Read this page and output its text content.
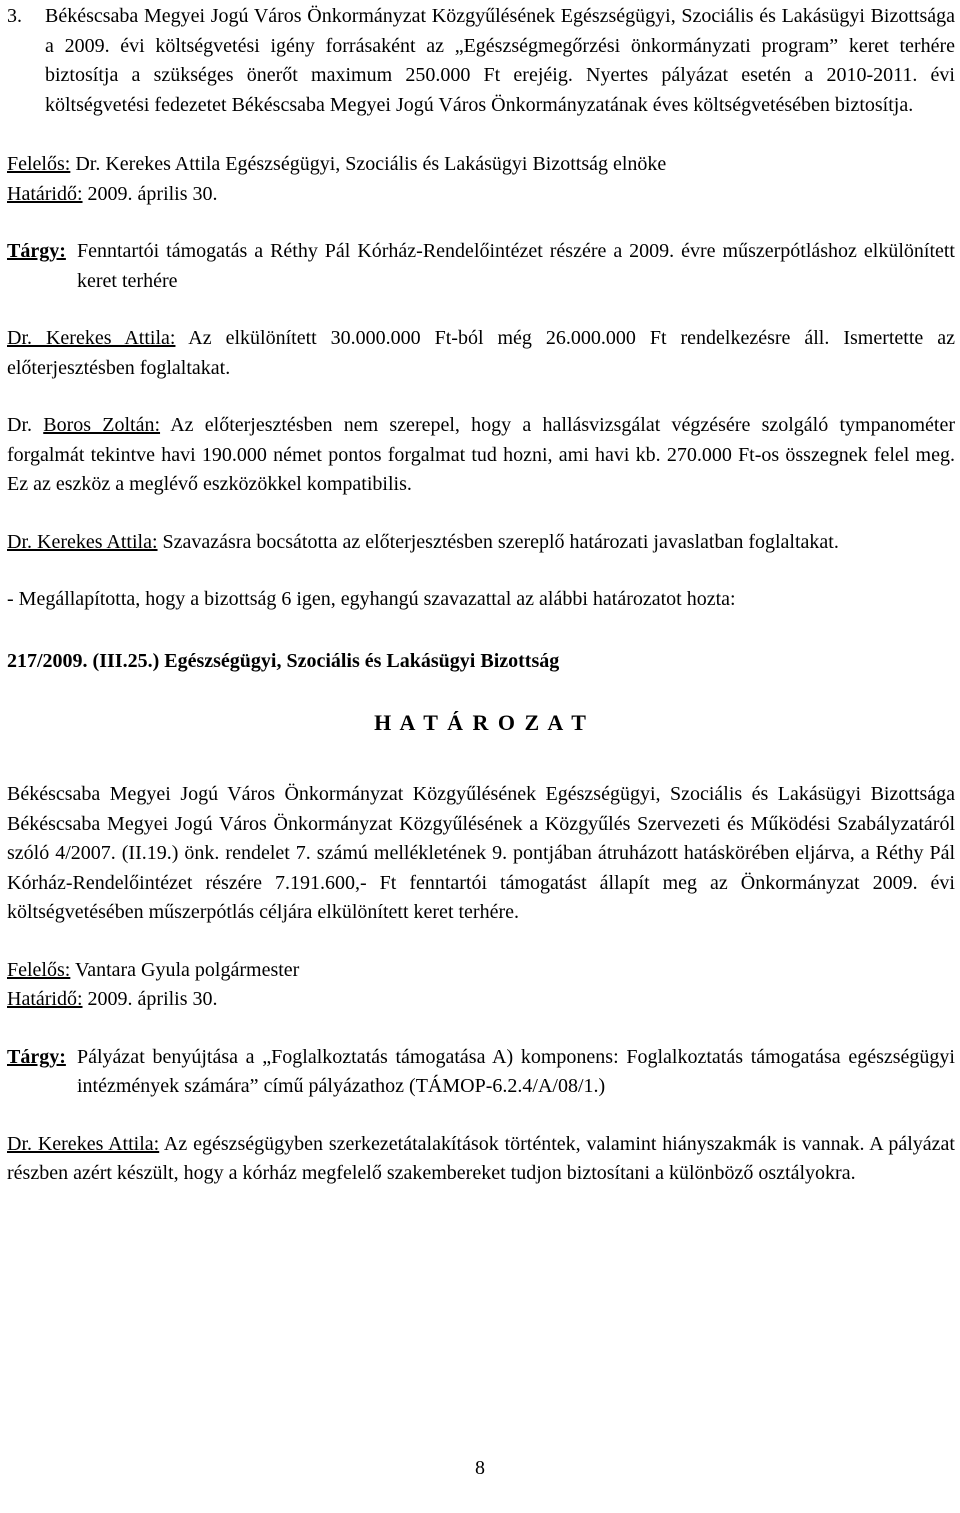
3.	Békéscsaba Megyei Jogú Város Önkormányzat Közgyűlésének Egészségügyi, Szociális és Lakásügyi Bizottsága a 2009. évi költségvetési igény forrásaként az „Egészségmegőrzési önkormányzati program” keret terhére biztosítja a szükséges önerőt maximum 250.000 Ft erejéig. Nyertes pályázat esetén a 2010-2011. évi költségvetési fedezetet Békéscsaba Megyei Jogú Város Önkormányzatának éves költségvetésében biztosítja.

Felelős: Dr. Kerekes Attila Egészségügyi, Szociális és Lakásügyi Bizottság elnöke

Határidő: 2009. április 30.

Tárgy: Fenntartói támogatás a Réthy Pál Kórház-Rendelőintézet részére a 2009. évre műszerpótláshoz elkülönített keret terhére

Dr. Kerekes Attila: Az elkülönített 30.000.000 Ft-ból még 26.000.000 Ft rendelkezésre áll. Ismertette az előterjesztésben foglaltakat.

Dr. Boros Zoltán: Az előterjesztésben nem szerepel, hogy a hallásvizsgálat végzésére szolgáló tympanométer forgalmát tekintve havi 190.000 német pontos forgalmat tud hozni, ami havi kb. 270.000 Ft-os összegnek felel meg. Ez az eszköz a meglévő eszközökkel kompatibilis.

Dr. Kerekes Attila: Szavazásra bocsátotta az előterjesztésben szereplő határozati javaslatban foglaltakat.

- Megállapította, hogy a bizottság 6 igen, egyhangú szavazattal az alábbi határozatot hozta:

217/2009. (III.25.) Egészségügyi, Szociális és Lakásügyi Bizottság

H A T Á R O Z A T

Békéscsaba Megyei Jogú Város Önkormányzat Közgyűlésének Egészségügyi, Szociális és Lakásügyi Bizottsága Békéscsaba Megyei Jogú Város Önkormányzat Közgyűlésének a Közgyűlés Szervezeti és Működési Szabályzatáról szóló 4/2007. (II.19.) önk. rendelet 7. számú mellékletének 9. pontjában átruházott hatáskörében eljárva, a Réthy Pál Kórház-Rendelőintézet részére 7.191.600,- Ft fenntartói támogatást állapít meg az Önkormányzat 2009. évi költségvetésében műszerpótlás céljára elkülönített keret terhére.

Felelős: Vantara Gyula polgármester

Határidő: 2009. április 30.

Tárgy: Pályázat benyújtása a „Foglalkoztatás támogatása A) komponens: Foglalkoztatás támogatása egészségügyi intézmények számára” című pályázathoz (TÁMOP-6.2.4/A/08/1.)

Dr. Kerekes Attila: Az egészségügyben szerkezetátalakítások történtek, valamint hiányszakmák is vannak. A pályázat részben azért készült, hogy a kórház megfelelő szakembereket tudjon biztosítani a különböző osztályokra.

8
